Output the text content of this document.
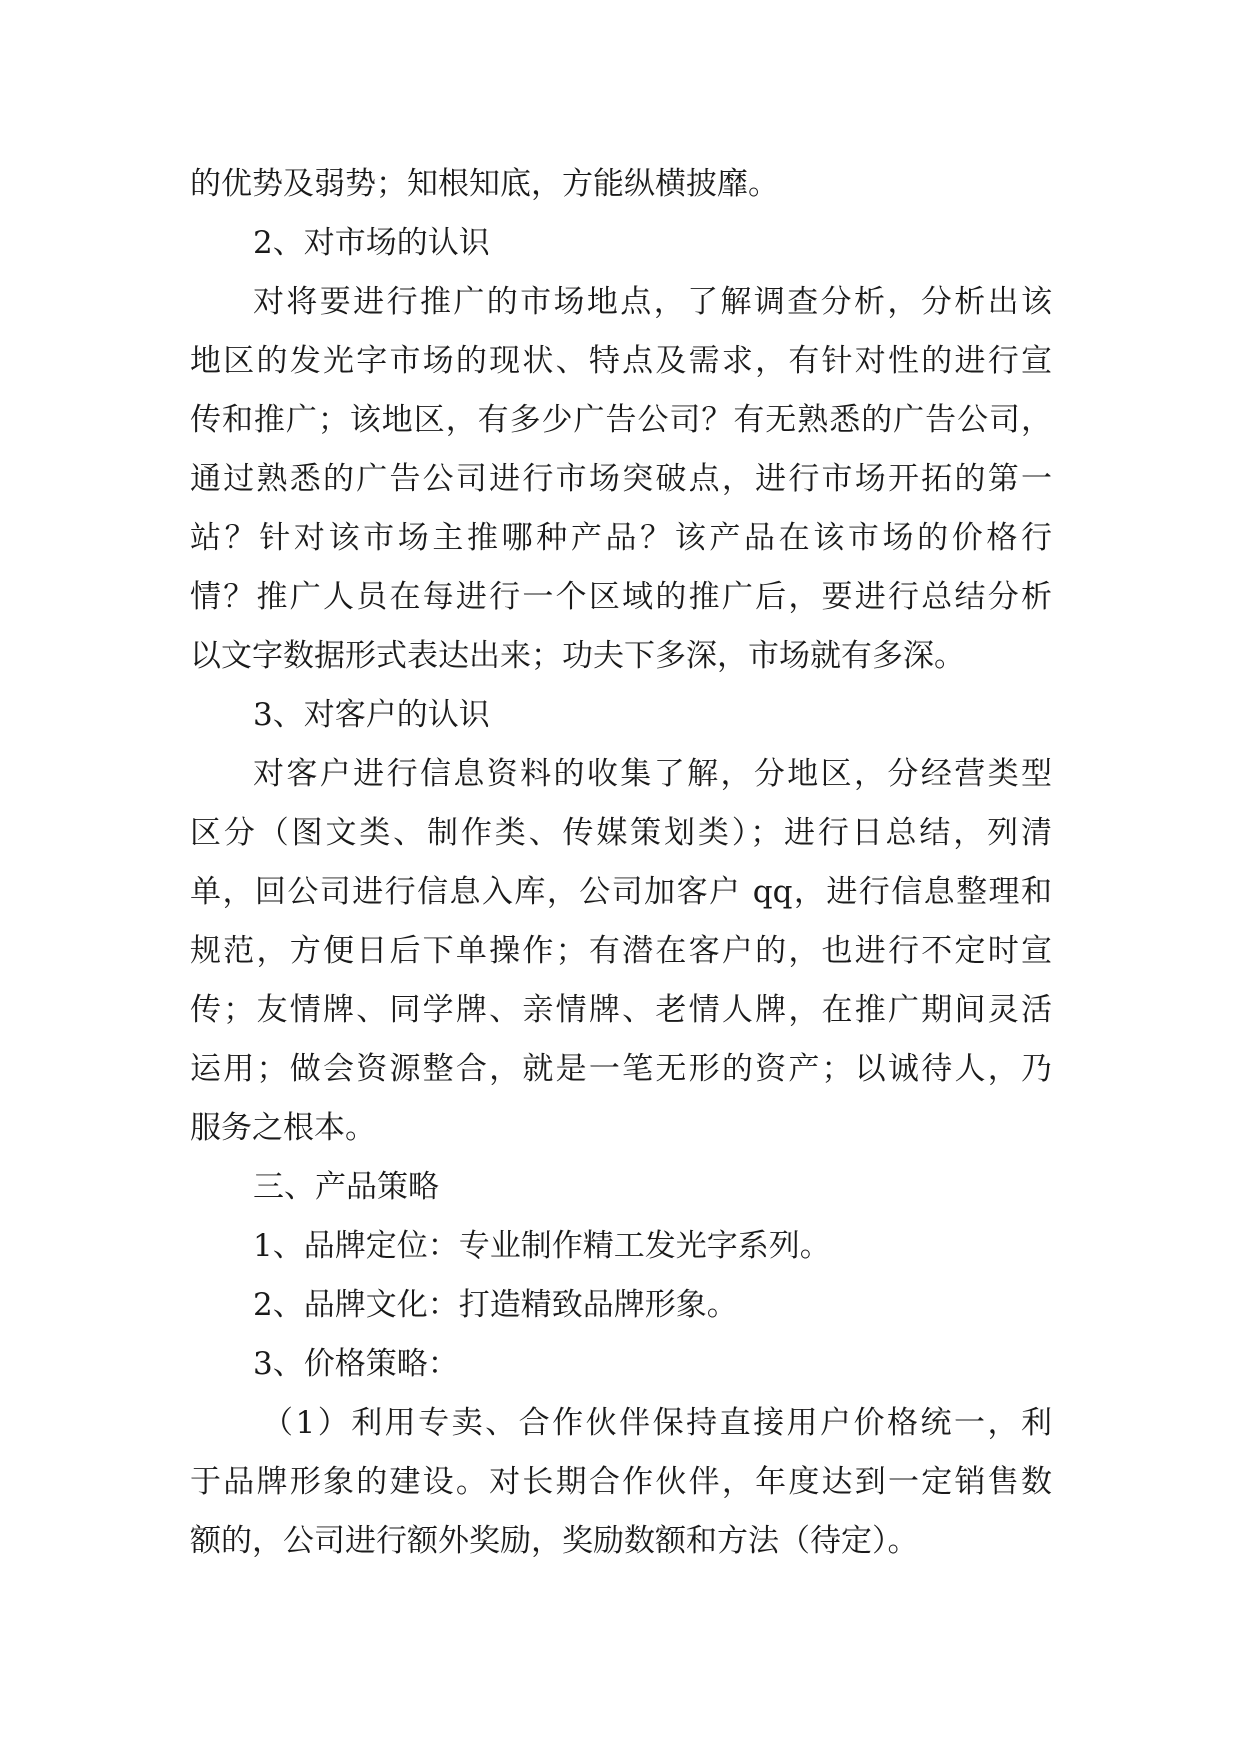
的优势及弱势；知根知底，方能纵横披靡。
2、对市场的认识
对将要进行推广的市场地点，了解调查分析，分析出该
地区的发光字市场的现状、特点及需求，有针对性的进行宣
传和推广；该地区，有多少广告公司？有无熟悉的广告公司，
通过熟悉的广告公司进行市场突破点，进行市场开拓的第一
站？针对该市场主推哪种产品？该产品在该市场的价格行
情？推广人员在每进行一个区域的推广后，要进行总结分析
以文字数据形式表达出来；功夫下多深，市场就有多深。
3、对客户的认识
对客户进行信息资料的收集了解，分地区，分经营类型
区分（图文类、制作类、传媒策划类）；进行日总结，列清
单，回公司进行信息入库，公司加客户 qq，进行信息整理和
规范，方便日后下单操作；有潜在客户的，也进行不定时宣
传；友情牌、同学牌、亲情牌、老情人牌，在推广期间灵活
运用；做会资源整合，就是一笔无形的资产；以诚待人，乃
服务之根本。
三、产品策略
1、品牌定位：专业制作精工发光字系列。
2、品牌文化：打造精致品牌形象。
3、价格策略：
（1）利用专卖、合作伙伴保持直接用户价格统一，利
于品牌形象的建设。对长期合作伙伴，年度达到一定销售数
额的，公司进行额外奖励，奖励数额和方法（待定）。
